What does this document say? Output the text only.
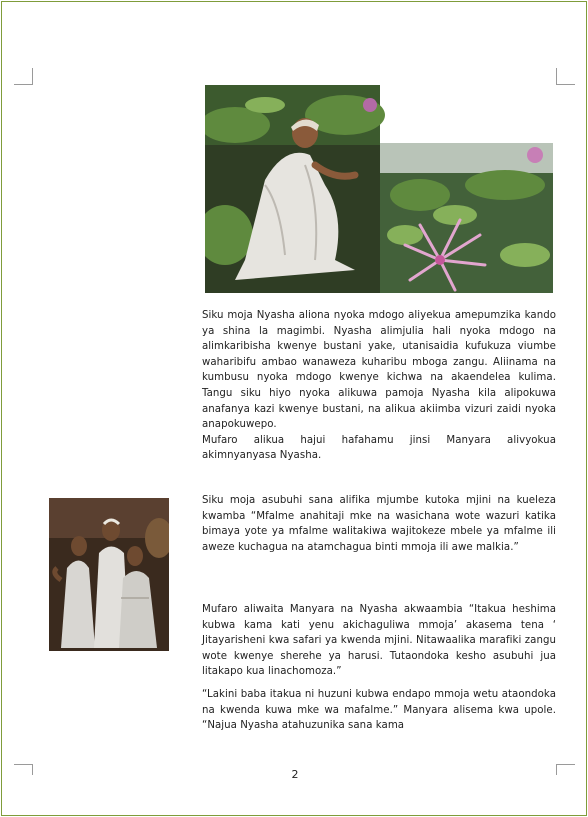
Siku moja Nyasha aliona nyoka mdogo aliyekua amepumzika kando ya shina la magimbi. Nyasha alimjulia hali nyoka mdogo na alimkaribisha kwenye bustani yake, utanisaidia kufukuza viumbe waharibifu ambao wanaweza kuharibu mboga zangu. Aliinama na kumbusu nyoka mdogo kwenye kichwa na akaendelea kulima. Tangu siku hiyo nyoka alikuwa pamoja Nyasha kila alipokuwa anafanya kazi kwenye bustani, na alikua akiimba vizuri zaidi nyoka anapokuwepo.

Mufaro alikua hajui hafahamu jinsi Manyara alivyokua akimnyanyasa Nyasha.

Siku moja asubuhi sana alifika mjumbe kutoka mjini na kueleza kwamba “Mfalme anahitaji mke na wasichana wote wazuri katika bimaya yote ya mfalme walitakiwa wajitokeze mbele ya mfalme ili aweze kuchagua na atamchagua binti mmoja ili awe malkia.”

Mufaro aliwaita Manyara na Nyasha akwaambia “Itakua heshima kubwa kama kati yenu akichaguliwa mmoja’ akasema tena ‘ Jitayarisheni kwa safari ya kwenda mjini. Nitawaalika marafiki zangu wote kwenye sherehe ya harusi. Tutaondoka kesho asubuhi jua litakapo kua linachomoza.”

“Lakini baba itakua ni huzuni kubwa endapo mmoja wetu ataondoka na kwenda kuwa mke wa mafalme.” Manyara alisema kwa upole. “Najua Nyasha atahuzunika sana kama

2
